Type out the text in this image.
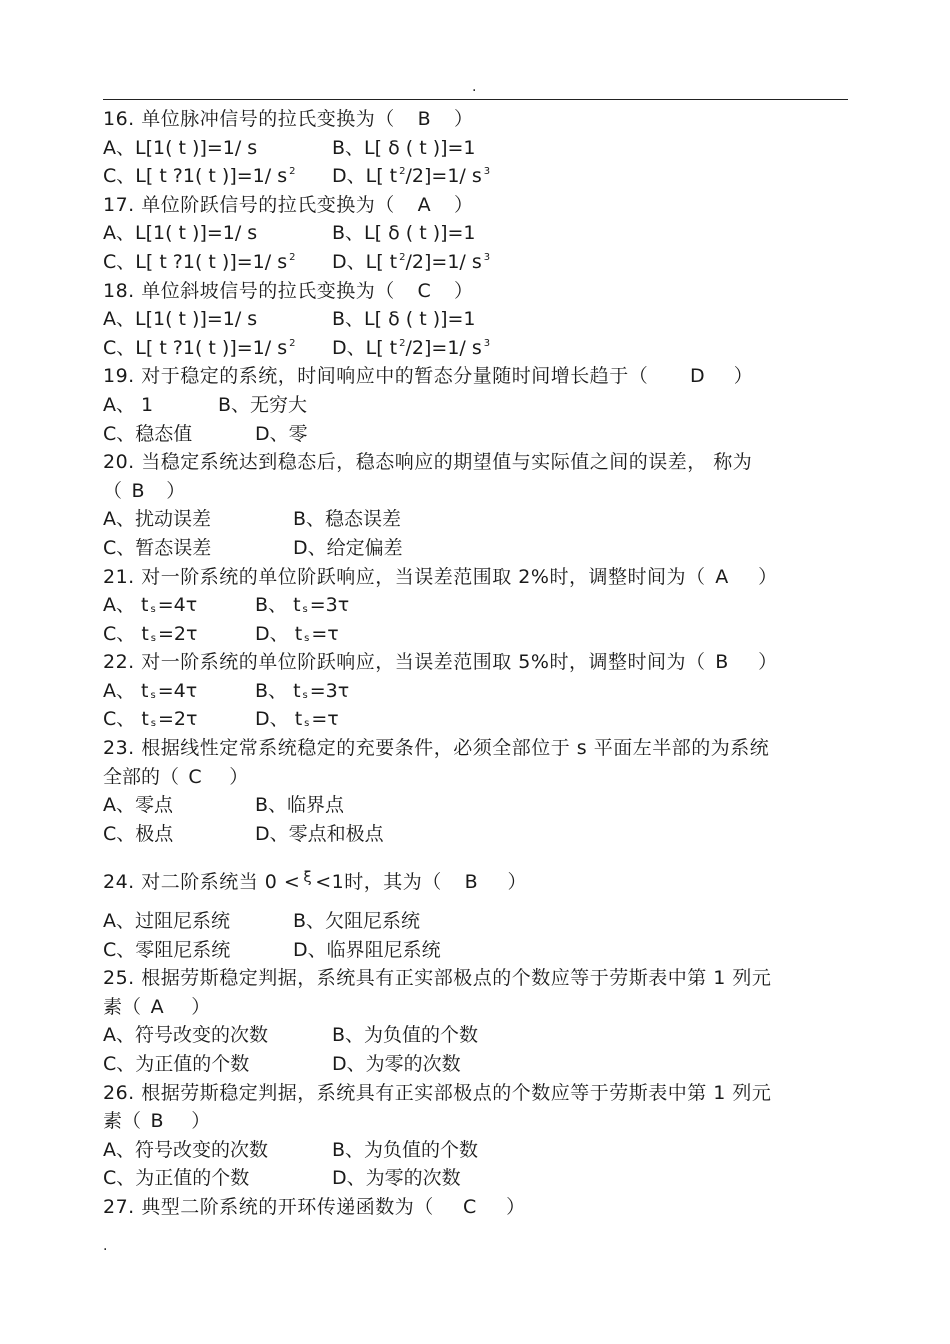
.
16. 单位脉冲信号的拉氏变换为（ B ）
A、L[1( t )]=1/ s	B、L[ δ ( t )]=1
C、L[ t ?1( t )]=1/ s $^2$ D、L[ t $^2$/2]=1/ s $^3$
17. 单位阶跃信号的拉氏变换为（ A ）
A、L[1( t )]=1/ s	B、L[ δ ( t )]=1
C、L[ t ?1( t )]=1/ s $^2$ D、L[ t $^2$/2]=1/ s $^3$
18. 单位斜坡信号的拉氏变换为（ C ）
A、L[1( t )]=1/ s	B、L[ δ ( t )]=1
C、L[ t ?1( t )]=1/ s $^2$ D、L[ t $^2$/2]=1/ s $^3$
19. 对于稳定的系统，时间响应中的暂态分量随时间增长趋于（ D ）
A、 1	B、无穷大
C、稳态值	D、零
20. 当稳定系统达到稳态后，稳态响应的期望值与实际值之间的误差， 称为
（ B ）
A、扰动误差	B、稳态误差
C、暂态误差	D、给定偏差
21. 对一阶系统的单位阶跃响应，当误差范围取 2%时，调整时间为（ A ）
A、 t $_s$ =4τ	B、 t $_s$ =3τ
C、 t $_s$ =2τ	D、 t $_s$ =τ
22. 对一阶系统的单位阶跃响应，当误差范围取 5%时，调整时间为（ B ）
A、 t $_s$ =4τ	B、 t $_s$ =3τ
C、 t $_s$ =2τ	D、 t $_s$ =τ
23. 根据线性定常系统稳定的充要条件，必须全部位于 s 平面左半部的为系统
全部的（ C ）
A、零点	B、临界点
C、极点	D、零点和极点
24. 对二阶系统当 0 < $^\xi$ <1时，其为（ B ）
A、过阻尼系统	B、欠阻尼系统
C、零阻尼系统	D、临界阻尼系统
25. 根据劳斯稳定判据，系统具有正实部极点的个数应等于劳斯表中第 1 列元
素（ A ）
A、符号改变的次数	B、为负值的个数
C、为正值的个数	D、为零的次数
26. 根据劳斯稳定判据，系统具有正实部极点的个数应等于劳斯表中第 1 列元
素（ B ）
A、符号改变的次数	B、为负值的个数
C、为正值的个数	D、为零的次数
27. 典型二阶系统的开环传递函数为（ C ）
.
